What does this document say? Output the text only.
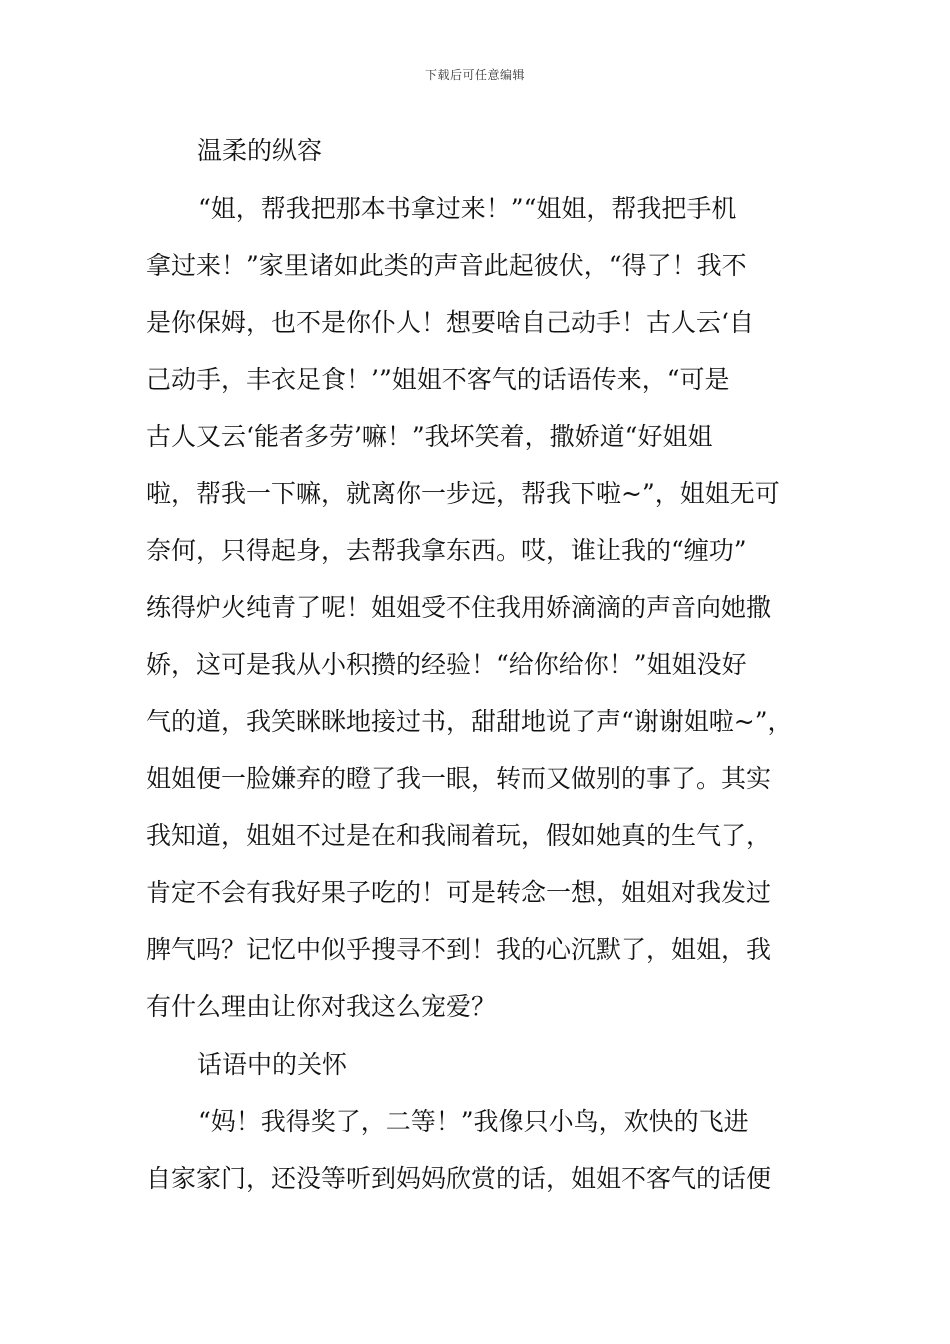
下载后可任意编辑
温柔的纵容
“姐，帮我把那本书拿过来！”“姐姐，帮我把手机
拿过来！”家里诸如此类的声音此起彼伏，“得了！我不
是你保姆，也不是你仆人！想要啥自己动手！古人云‘自
己动手，丰衣足食！’”姐姐不客气的话语传来，“可是
古人又云‘能者多劳’嘛！”我坏笑着，撒娇道“好姐姐
啦，帮我一下嘛，就离你一步远，帮我下啦~”，姐姐无可
奈何，只得起身，去帮我拿东西。哎，谁让我的“缠功”
练得炉火纯青了呢！姐姐受不住我用娇滴滴的声音向她撒
娇，这可是我从小积攒的经验！“给你给你！”姐姐没好
气的道，我笑眯眯地接过书，甜甜地说了声“谢谢姐啦~”，
姐姐便一脸嫌弃的瞪了我一眼，转而又做别的事了。其实
我知道，姐姐不过是在和我闹着玩，假如她真的生气了，
肯定不会有我好果子吃的！可是转念一想，姐姐对我发过
脾气吗？记忆中似乎搜寻不到！我的心沉默了，姐姐，我
有什么理由让你对我这么宠爱？
话语中的关怀
“妈！我得奖了，二等！”我像只小鸟，欢快的飞进
自家家门，还没等听到妈妈欣赏的话，姐姐不客气的话便
